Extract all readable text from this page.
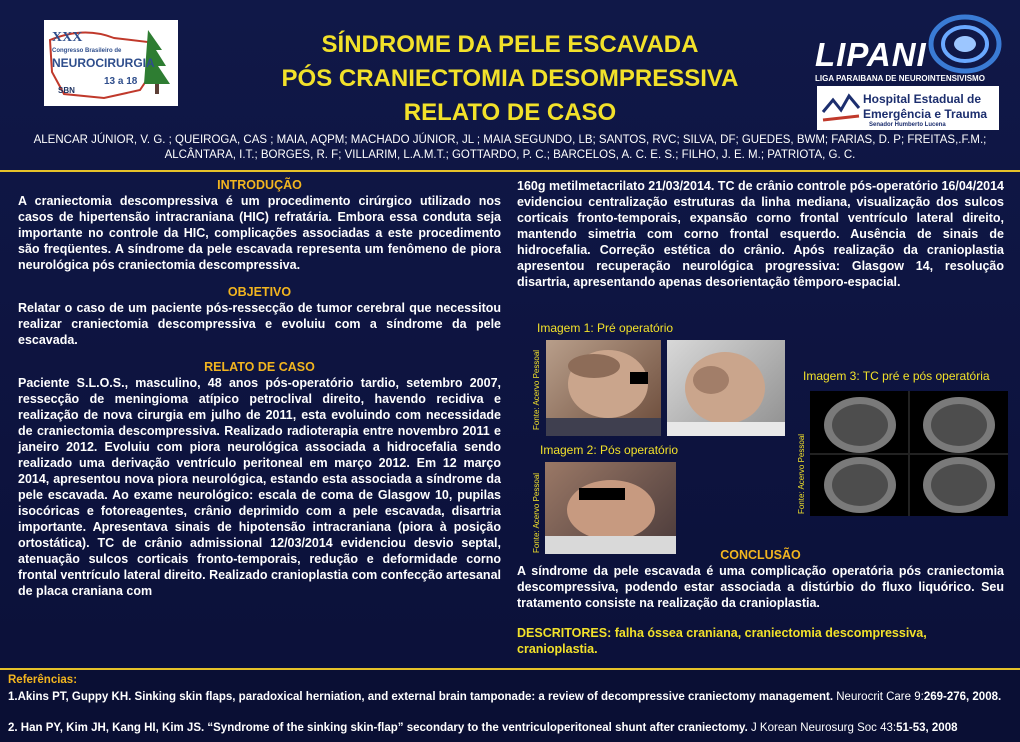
XXX
Congresso Brasileiro de
NEUROCIRURGIA
13 a 18
SBN
SÍNDROME DA PELE ESCAVADA
PÓS CRANIECTOMIA DESOMPRESSIVA
RELATO DE CASO
LIPANI
LIGA PARAIBANA DE NEUROINTENSIVISMO
Hospital Estadual de
Emergência e Trauma
Senador Humberto Lucena
ALENCAR JÚNIOR, V. G. ; QUEIROGA, CAS ; MAIA, AQPM; MACHADO JÚNIOR, JL ; MAIA SEGUNDO, LB; SANTOS, RVC; SILVA, DF; GUEDES, BWM; FARIAS, D. P; FREITAS,.F.M.; ALCÂNTARA, I.T.; BORGES, R. F; VILLARIM, L.A.M.T.; GOTTARDO, P. C.; BARCELOS, A. C. E. S.; FILHO, J. E. M.; PATRIOTA, G. C.
INTRODUÇÃO

A craniectomia descompressiva é um procedimento cirúrgico utilizado nos casos de hipertensão intracraniana (HIC) refratária. Embora essa conduta seja importante no controle da HIC, complicações associadas a este procedimento são freqüentes. A síndrome da pele escavada representa um fenômeno de piora neurológica pós craniectomia descompressiva.

OBJETIVO

Relatar o caso de um paciente pós-ressecção de tumor cerebral que necessitou realizar craniectomia descompressiva e evoluiu com a síndrome da pele escavada.

RELATO DE CASO

Paciente S.L.O.S., masculino, 48 anos pós-operatório tardio, setembro 2007, ressecção de meningioma atípico petroclival direito, havendo recidiva e realização de nova cirurgia em julho de 2011, esta evoluindo com necessidade de craniectomia descompressiva. Realizado radioterapia entre novembro 2011 e janeiro 2012. Evoluiu com piora neurológica associada a hidrocefalia sendo realizado uma derivação ventrículo peritoneal em março 2012. Em 12 março 2014, apresentou nova piora neurológica, estando esta associada a síndrome da pele escavada. Ao exame neurológico: escala de coma de Glasgow 10, pupilas isocóricas e fotoreagentes, crânio deprimido com a pele escavada, disartria importante. Apresentava sinais de hipotensão intracraniana (piora à posição ortostática). TC de crânio admissional 12/03/2014 evidenciou desvio septal, atenuação sulcos corticais fronto-temporais, redução e deformidade corno frontal ventrículo lateral direito. Realizado cranioplastia com confecção artesanal de placa craniana com

160g metilmetacrilato 21/03/2014. TC de crânio controle pós-operatório 16/04/2014 evidenciou centralização estruturas da linha mediana, visualização dos sulcos corticais fronto-temporais, expansão corno frontal ventrículo lateral direito, mantendo simetria com corno frontal esquerdo. Ausência de sinais de hidrocefalia. Correção estética do crânio. Após realização da cranioplastia apresentou recuperação neurológica progressiva: Glasgow 14, resolução disartria, apresentando apenas desorientação têmporo-espacial.

Imagem 1: Pré operatório
Fonte: Acervo Pessoal
Imagem 2: Pós operatório
Fonte: Acervo Pessoal
Imagem 3: TC pré e pós operatória
Fonte: Acervo Pessoal
CONCLUSÃO

A síndrome da pele escavada é uma complicação operatória pós craniectomia descompressiva, podendo estar associada a distúrbio do fluxo liquórico. Seu tratamento consiste na realização da cranioplastia.

DESCRITORES: falha óssea craniana, craniectomia descompressiva, cranioplastia.
Referências:
1.Akins PT, Guppy KH. Sinking skin flaps, paradoxical herniation, and external brain tamponade: a review of decompressive craniectomy management. Neurocrit Care 9:269-276, 2008.
2. Han PY, Kim JH, Kang HI, Kim JS. “Syndrome of the sinking skin-flap” secondary to the ventriculoperitoneal shunt after craniectomy. J Korean Neurosurg Soc 43:51-53, 2008
